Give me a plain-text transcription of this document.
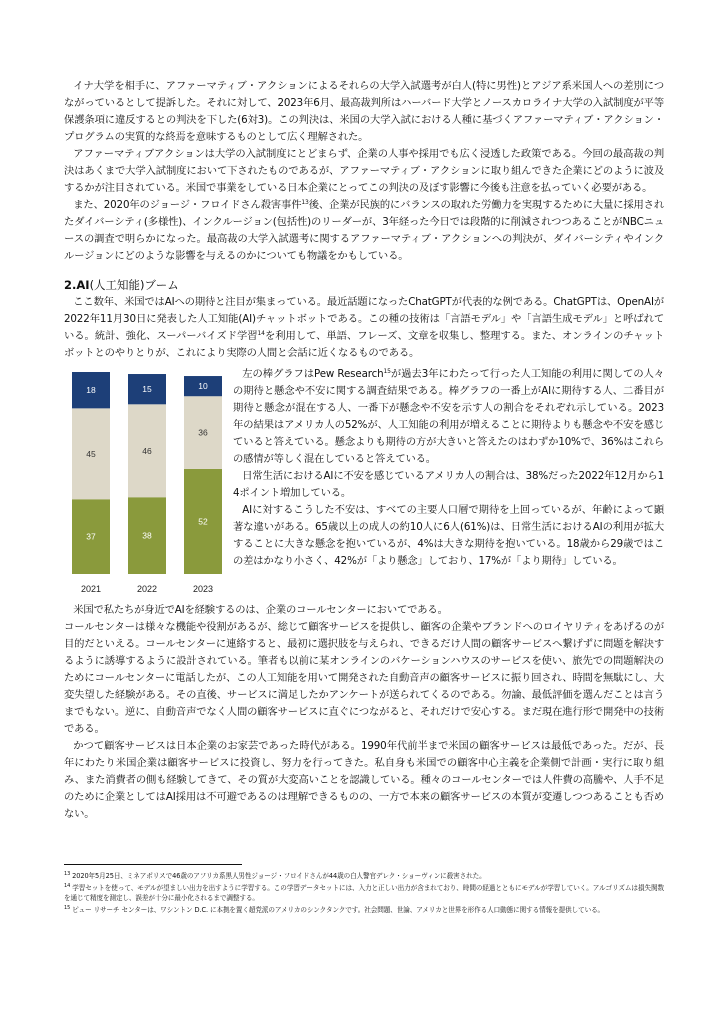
イナ大学を相手に、アファーマティブ・アクションによるそれらの大学入試選考が白人(特に男性)とアジア系米国人への差別につながっているとして提訴した。それに対して、2023年6月、最高裁判所はハーバード大学とノースカロライナ大学の入試制度が平等保護条項に違反するとの判決を下した(6対3)。この判決は、米国の大学入試における人種に基づくアファーマティブ・アクション・プログラムの実質的な終焉を意味するものとして広く理解された。

アファーマティブアクションは大学の入試制度にとどまらず、企業の人事や採用でも広く浸透した政策である。今回の最高裁の判決はあくまで大学入試制度において下されたものであるが、アファーマティブ・アクションに取り組んできた企業にどのように波及するかが注目されている。米国で事業をしている日本企業にとってこの判決の及ぼす影響に今後も注意を払っていく必要がある。

また、2020年のジョージ・フロイドさん殺害事件$^{13}$後、企業が民族的にバランスの取れた労働力を実現するために大量に採用されたダイバーシティ(多様性)、インクルージョン(包括性)のリーダーが、3年経った今日では段階的に削減されつつあることがNBCニュースの調査で明らかになった。最高裁の大学入試選考に関するアファーマティブ・アクションへの判決が、ダイバーシティやインクルージョンにどのような影響を与えるのかについても物議をかもしている。

2.AI(人工知能)ブーム

ここ数年、米国ではAIへの期待と注目が集まっている。最近話題になったChatGPTが代表的な例である。ChatGPTは、OpenAIが2022年11月30日に発表した人工知能(AI)チャットボットである。この種の技術は「言語モデル」や「言語生成モデル」と呼ばれている。統計、強化、スーパーバイズド学習$^{14}$を利用して、単語、フレーズ、文章を収集し、整理する。また、オンラインのチャットボットとのやりとりが、これにより実際の人間と会話に近くなるものである。

37
45
18
2021
38
46
15
2022
52
36
10
2023

左の棒グラフはPew Research$^{15}$が過去3年にわたって行った人工知能の利用に関しての人々の期待と懸念や不安に関する調査結果である。棒グラフの一番上がAIに期待する人、二番目が期待と懸念が混在する人、一番下が懸念や不安を示す人の割合をそれぞれ示している。2023年の結果はアメリカ人の52%が、人工知能の利用が増えることに期待よりも懸念や不安を感じていると答えている。懸念よりも期待の方が大きいと答えたのはわずか10%で、36%はこれらの感情が等しく混在していると答えている。

日常生活におけるAIに不安を感じているアメリカ人の割合は、38%だった2022年12月から14ポイント増加している。

AIに対するこうした不安は、すべての主要人口層で期待を上回っているが、年齢によって顕著な違いがある。65歳以上の成人の約10人に6人(61%)は、日常生活におけるAIの利用が拡大することに大きな懸念を抱いているが、4%は大きな期待を抱いている。18歳から29歳ではこの差はかなり小さく、42%が「より懸念」しており、17%が「より期待」している。

米国で私たちが身近でAIを経験するのは、企業のコールセンターにおいてである。

コールセンターは様々な機能や役割があるが、総じて顧客サービスを提供し、顧客の企業やブランドへのロイヤリティをあげるのが目的だといえる。コールセンターに連絡すると、最初に選択肢を与えられ、できるだけ人間の顧客サービスへ繋げずに問題を解決するように誘導するように設計されている。筆者も以前に某オンラインのバケーションハウスのサービスを使い、旅先での問題解決のためにコールセンターに電話したが、この人工知能を用いて開発された自動音声の顧客サービスに振り回され、時間を無駄にし、大変失望した経験がある。その直後、サービスに満足したかアンケートが送られてくるのである。勿論、最低評価を選んだことは言うまでもない。逆に、自動音声でなく人間の顧客サービスに直ぐにつながると、それだけで安心する。まだ現在進行形で開発中の技術である。

かつて顧客サービスは日本企業のお家芸であった時代がある。1990年代前半まで米国の顧客サービスは最低であった。だが、長年にわたり米国企業は顧客サービスに投資し、努力を行ってきた。私自身も米国での顧客中心主義を企業側で計画・実行に取り組み、また消費者の側も経験してきて、その質が大変高いことを認識している。種々のコールセンターでは人件費の高騰や、人手不足のために企業としてはAI採用は不可避であるのは理解できるものの、一方で本来の顧客サービスの本質が変遷しつつあることも否めない。

$^{13}$ 2020年5月25日、ミネアポリスで46歳のアフリカ系黒人男性ジョージ・フロイドさんが44歳の白人警官デレク・ショーヴィンに殺害された。

$^{14}$ 学習セットを使って、モデルが望ましい出力を出すように学習する。この学習データセットには、入力と正しい出力が含まれており、時間の経過とともにモデルが学習していく。アルゴリズムは損失関数を通じて精度を測定し、誤差が十分に最小化されるまで調整する。

$^{15}$ ピュー リサーチ センターは、ワシントン D.C. に本拠を置く超党派のアメリカのシンクタンクです。社会問題、世論、アメリカと世界を形作る人口動態に関する情報を提供している。
